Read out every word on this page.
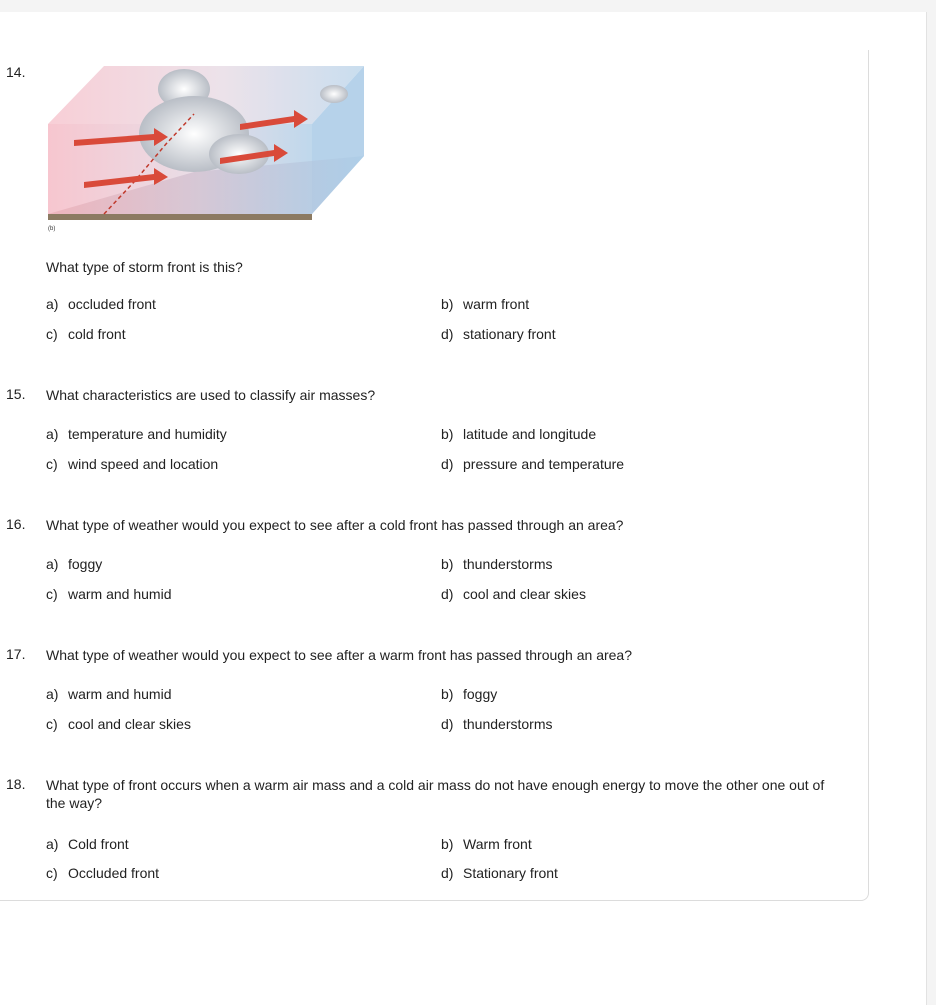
14.
(b)
What type of storm front is this?
a) occluded front	b) warm front
c) cold front	d) stationary front
15. What characteristics are used to classify air masses?
a) temperature and humidity	b) latitude and longitude
c) wind speed and location	d) pressure and temperature
16. What type of weather would you expect to see after a cold front has passed through an area?
a) foggy	b) thunderstorms
c) warm and humid	d) cool and clear skies
17. What type of weather would you expect to see after a warm front has passed through an area?
a) warm and humid	b) foggy
c) cool and clear skies	d) thunderstorms
18. What type of front occurs when a warm air mass and a cold air mass do not have enough energy to move the other one out of the way?
a) Cold front	b) Warm front
c) Occluded front	d) Stationary front
